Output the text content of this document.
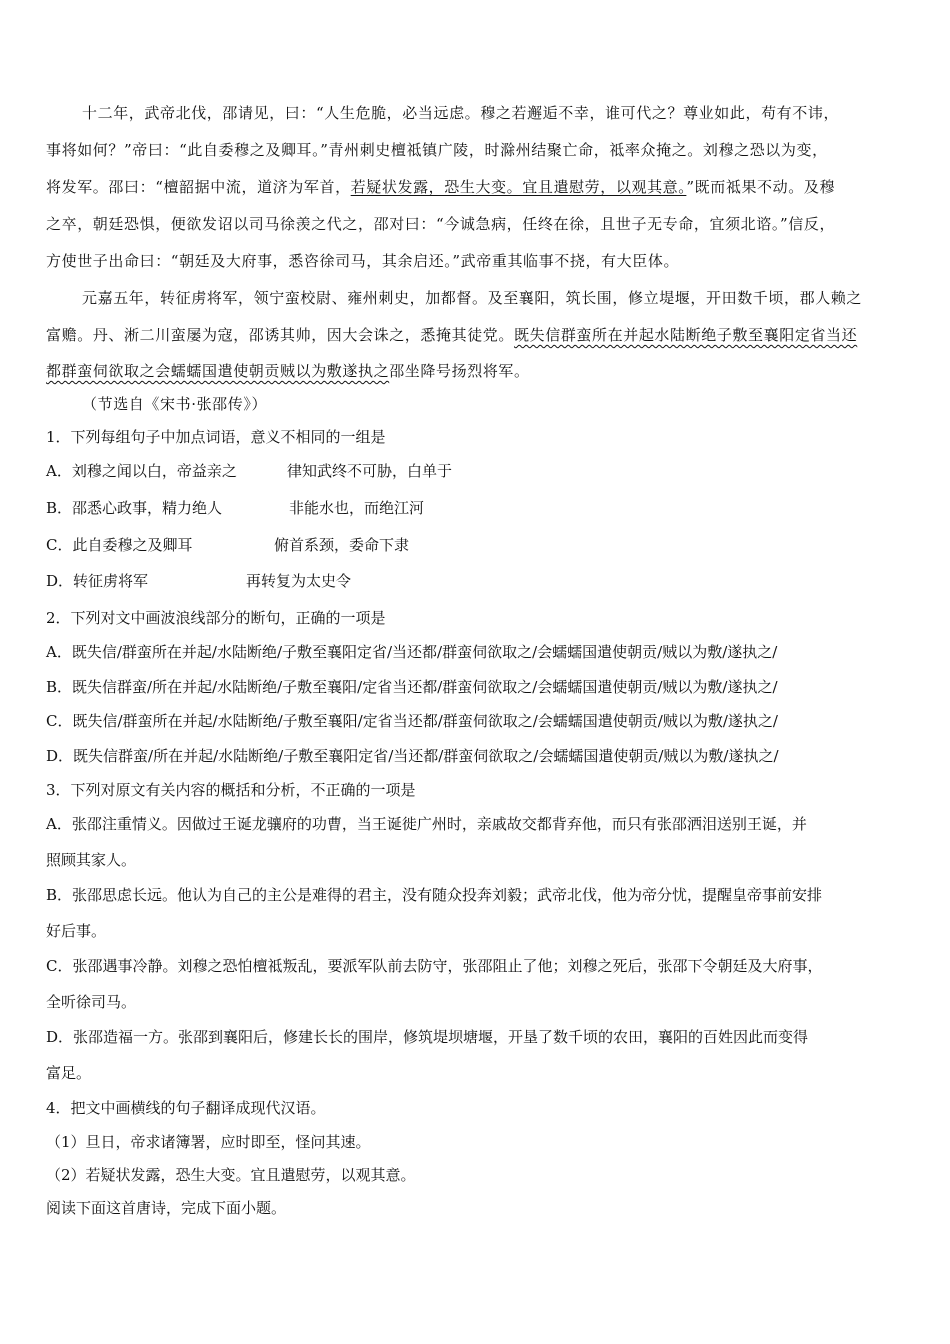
十二年，武帝北伐，邵请见，曰：“人生危脆，必当远虑。穆之若邂逅不幸，谁可代之？尊业如此，苟有不讳，
事将如何？”帝曰：“此自委穆之及卿耳。”青州刺史檀祗镇广陵，时滁州结聚亡命，祗率众掩之。刘穆之恐以为变，
将发军。邵曰：“檀韶据中流，道济为军首，若疑状发露，恐生大变。宜且遣慰劳，以观其意。”既而祗果不动。及穆
之卒，朝廷恐惧，便欲发诏以司马徐羡之代之，邵对曰：“今诚急病，任终在徐，且世子无专命，宜须北谘。”信反，
方使世子出命曰：“朝廷及大府事，悉咨徐司马，其余启还。”武帝重其临事不挠，有大臣体。
元嘉五年，转征虏将军，领宁蛮校尉、雍州刺史，加都督。及至襄阳，筑长围，修立堤堰，开田数千顷，郡人赖之
富赡。丹、淅二川蛮屡为寇，邵诱其帅，因大会诛之，悉掩其徒党。既失信群蛮所在并起水陆断绝子敷至襄阳定省当还
都群蛮伺欲取之会蠕蠕国遣使朝贡贼以为敷遂执之邵坐降号扬烈将军。
（节选自《宋书·张邵传》）
1．下列每组句子中加点词语，意义不相同的一组是
A．刘穆之闻以白，帝益亲之	律知武终不可胁，白单于
B．邵悉心政事，精力绝人	非能水也，而绝江河
C．此自委穆之及卿耳	俯首系颈，委命下隶
D．转征虏将军	再转复为太史令
2．下列对文中画波浪线部分的断句，正确的一项是
A．既失信/群蛮所在并起/水陆断绝/子敷至襄阳定省/当还都/群蛮伺欲取之/会蠕蠕国遣使朝贡/贼以为敷/遂执之/
B．既失信群蛮/所在并起/水陆断绝/子敷至襄阳/定省当还都/群蛮伺欲取之/会蠕蠕国遣使朝贡/贼以为敷/遂执之/
C．既失信/群蛮所在并起/水陆断绝/子敷至襄阳/定省当还都/群蛮伺欲取之/会蠕蠕国遣使朝贡/贼以为敷/遂执之/
D．既失信群蛮/所在并起/水陆断绝/子敷至襄阳定省/当还都/群蛮伺欲取之/会蠕蠕国遣使朝贡/贼以为敷/遂执之/
3．下列对原文有关内容的概括和分析，不正确的一项是
A．张邵注重情义。因做过王诞龙骧府的功曹，当王诞徙广州时，亲戚故交都背弃他，而只有张邵洒泪送别王诞，并
照顾其家人。
B．张邵思虑长远。他认为自己的主公是难得的君主，没有随众投奔刘毅；武帝北伐，他为帝分忧，提醒皇帝事前安排
好后事。
C．张邵遇事冷静。刘穆之恐怕檀祗叛乱，要派军队前去防守，张邵阻止了他；刘穆之死后，张邵下令朝廷及大府事，
全听徐司马。
D．张邵造福一方。张邵到襄阳后，修建长长的围岸，修筑堤坝塘堰，开垦了数千顷的农田，襄阳的百姓因此而变得
富足。
4．把文中画横线的句子翻译成现代汉语。
（1）旦日，帝求诸簿署，应时即至，怪问其速。
（2）若疑状发露，恐生大变。宜且遣慰劳，以观其意。
阅读下面这首唐诗，完成下面小题。
